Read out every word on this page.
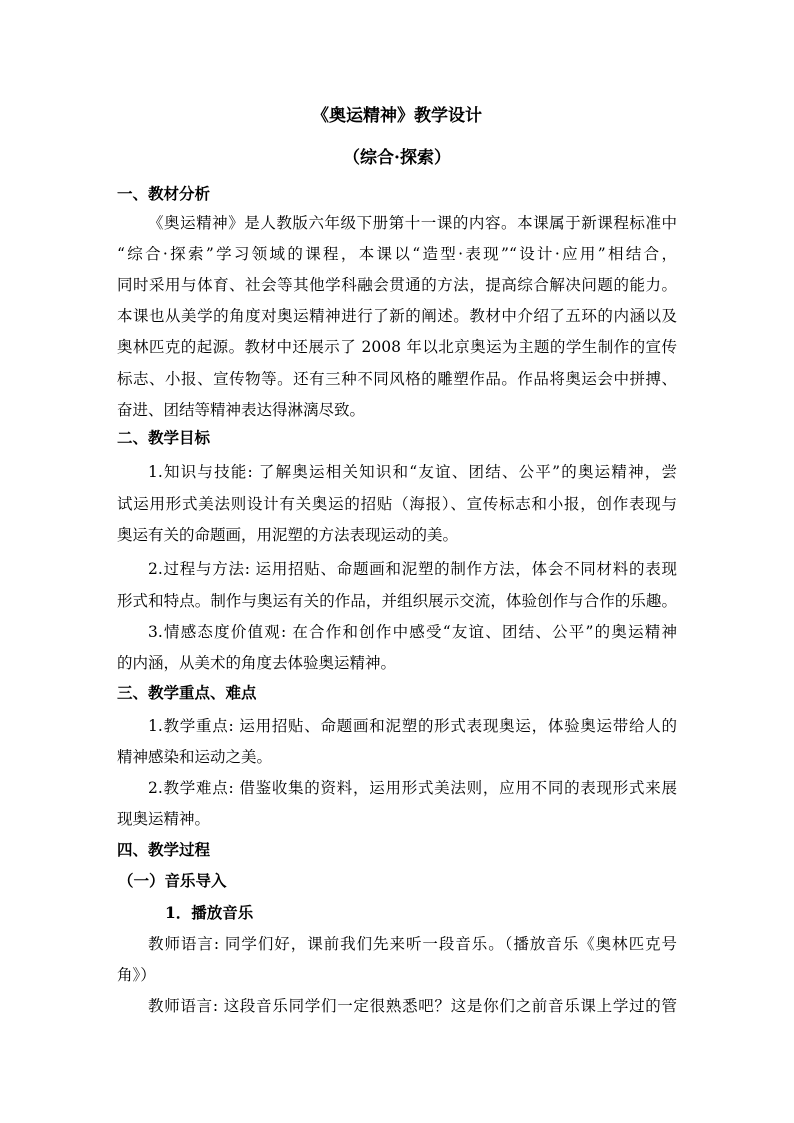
《奥运精神》教学设计
（综合·探索）
一、教材分析
《奥运精神》是人教版六年级下册第十一课的内容。本课属于新课程标准中
“综合·探索”学习领域的课程，本课以“造型·表现”“设计·应用”相结合，
同时采用与体育、社会等其他学科融会贯通的方法，提高综合解决问题的能力。
本课也从美学的角度对奥运精神进行了新的阐述。教材中介绍了五环的内涵以及
奥林匹克的起源。教材中还展示了 2008 年以北京奥运为主题的学生制作的宣传
标志、小报、宣传物等。还有三种不同风格的雕塑作品。作品将奥运会中拼搏、
奋进、团结等精神表达得淋漓尽致。
二、教学目标
1.知识与技能: 了解奥运相关知识和“友谊、团结、公平”的奥运精神，尝
试运用形式美法则设计有关奥运的招贴（海报）、宣传标志和小报，创作表现与
奥运有关的命题画，用泥塑的方法表现运动的美。
2.过程与方法: 运用招贴、命题画和泥塑的制作方法，体会不同材料的表现
形式和特点。制作与奥运有关的作品，并组织展示交流，体验创作与合作的乐趣。
3.情感态度价值观: 在合作和创作中感受“友谊、团结、公平”的奥运精神
的内涵，从美术的角度去体验奥运精神。
三、教学重点、难点
1.教学重点: 运用招贴、命题画和泥塑的形式表现奥运，体验奥运带给人的
精神感染和运动之美。
2.教学难点: 借鉴收集的资料，运用形式美法则，应用不同的表现形式来展
现奥运精神。
四、教学过程
（一）音乐导入
1．播放音乐
教师语言: 同学们好，课前我们先来听一段音乐。（播放音乐《奥林匹克号
角》）
教师语言: 这段音乐同学们一定很熟悉吧？这是你们之前音乐课上学过的管
